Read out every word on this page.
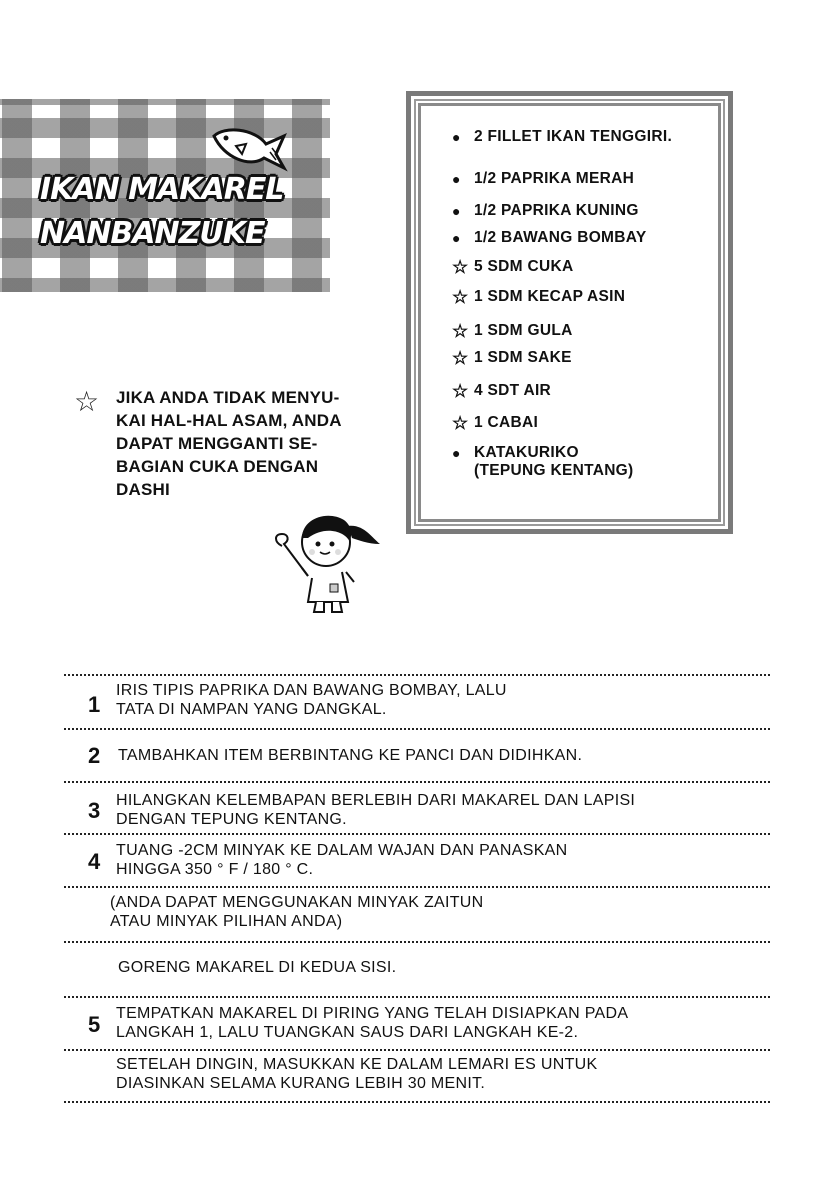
IKAN MAKAREL
NANBANZUKE
● 2 FILLET IKAN TENGGIRI.
● 1/2 PAPRIKA MERAH
● 1/2 PAPRIKA KUNING
● 1/2 BAWANG BOMBAY
☆ 5 SDM CUKA
☆ 1 SDM KECAP ASIN
☆ 1 SDM GULA
☆ 1 SDM SAKE
☆ 4 SDT AIR
☆ 1 CABAI
● KATAKURIKO
(TEPUNG KENTANG)
☆ JIKA ANDA TIDAK MENYU-
KAI HAL-HAL ASAM, ANDA
DAPAT MENGGANTI SE-
BAGIAN CUKA DENGAN
DASHI
1
IRIS TIPIS PAPRIKA DAN BAWANG BOMBAY, LALU
TATA DI NAMPAN YANG DANGKAL.
2 TAMBAHKAN ITEM BERBINTANG KE PANCI DAN DIDIHKAN.
3 HILANGKAN KELEMBAPAN BERLEBIH DARI MAKAREL DAN LAPISI
DENGAN TEPUNG KENTANG.
4 TUANG -2CM MINYAK KE DALAM WAJAN DAN PANASKAN
HINGGA 350 ° F / 180 ° C.
(ANDA DAPAT MENGGUNAKAN MINYAK ZAITUN
ATAU MINYAK PILIHAN ANDA)
GORENG MAKAREL DI KEDUA SISI.
5 TEMPATKAN MAKAREL DI PIRING YANG TELAH DISIAPKAN PADA
LANGKAH 1, LALU TUANGKAN SAUS DARI LANGKAH KE-2.
SETELAH DINGIN, MASUKKAN KE DALAM LEMARI ES UNTUK
DIASINKAN SELAMA KURANG LEBIH 30 MENIT.
